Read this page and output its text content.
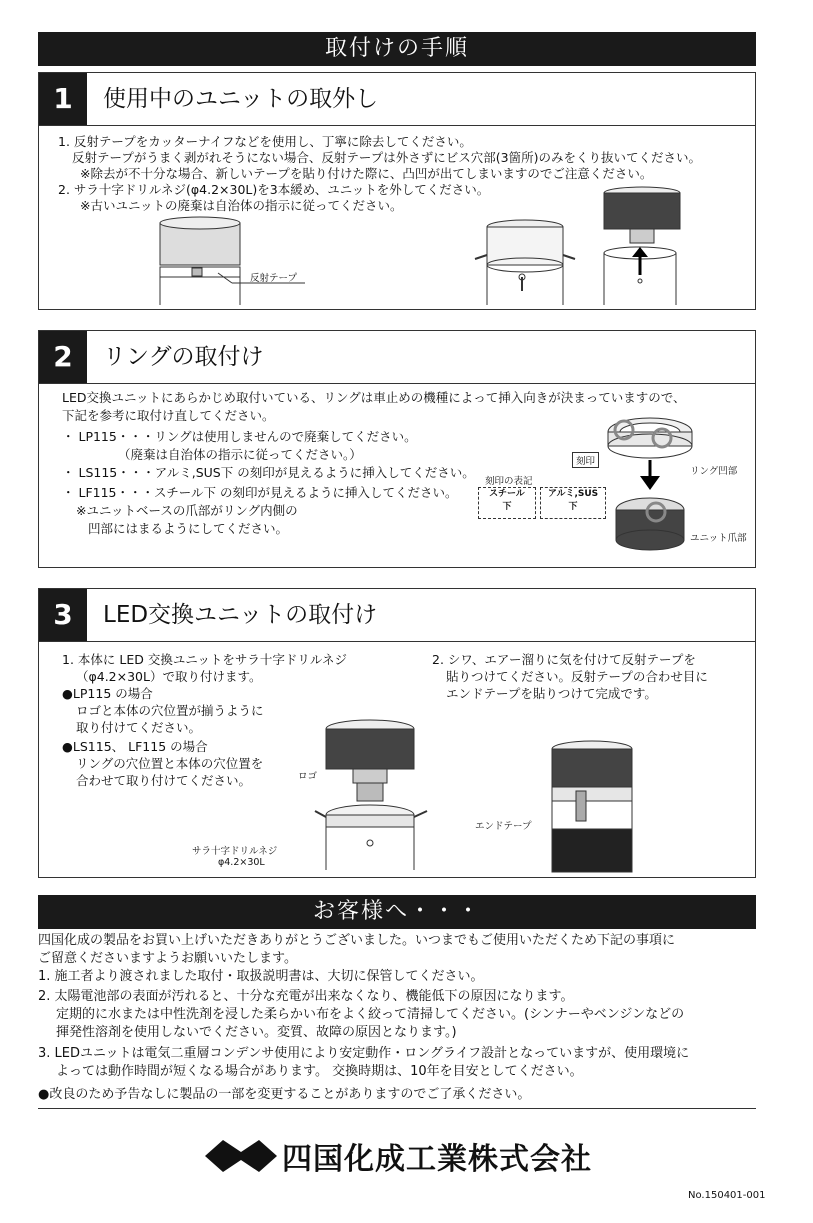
取付けの手順
1	使用中のユニットの取外し
1. 反射テープをカッターナイフなどを使用し、丁寧に除去してください。
反射テープがうまく剥がれそうにない場合、反射テープは外さずにビス穴部(3箇所)のみをくり抜いてください。
※除去が不十分な場合、新しいテープを貼り付けた際に、凸凹が出てしまいますのでご注意ください。
2. サラ十字ドリルネジ(φ4.2×30L)を3本緩め、ユニットを外してください。
※古いユニットの廃棄は自治体の指示に従ってください。
反射テープ
2	リングの取付け
LED交換ユニットにあらかじめ取付いている、リングは車止めの機種によって挿入向きが決まっていますので、
下記を参考に取付け直してください。
・ LP115・・・リングは使用しませんので廃棄してください。
（廃棄は自治体の指示に従ってください。）
・ LS115・・・アルミ,SUS下 の刻印が見えるように挿入してください。
・ LF115・・・スチール下 の刻印が見えるように挿入してください。
※ユニットベースの爪部がリング内側の
凹部にはまるようにしてください。
刻印の表記
スチール
下
アルミ,SUS
下
刻印
リング凹部
ユニット爪部
3	LED交換ユニットの取付け
1. 本体に LED 交換ユニットをサラ十字ドリルネジ
（φ4.2×30L）で取り付けます。
●LP115 の場合
ロゴと本体の穴位置が揃うように
取り付けてください。
●LS115、 LF115 の場合
リングの穴位置と本体の穴位置を
合わせて取り付けてください。
2. シワ、エアー溜りに気を付けて反射テープを
貼りつけてください。反射テープの合わせ目に
エンドテープを貼りつけて完成です。
ロゴ
サラ十字ドリルネジ
φ4.2×30L
エンドテープ
お客様へ・・・
四国化成の製品をお買い上げいただきありがとうございました。いつまでもご使用いただくため下記の事項に
ご留意くださいますようお願いいたします。
1. 施工者より渡されました取付・取扱説明書は、大切に保管してください。
2. 太陽電池部の表面が汚れると、十分な充電が出来なくなり、機能低下の原因になります。
定期的に水または中性洗剤を浸した柔らかい布をよく絞って清掃してください。(シンナーやベンジンなどの
揮発性溶剤を使用しないでください。変質、故障の原因となります。)
3. LEDユニットは電気二重層コンデンサ使用により安定動作・ロングライフ設計となっていますが、使用環境に
よっては動作時間が短くなる場合があります。 交換時期は、10年を目安としてください。
●改良のため予告なしに製品の一部を変更することがありますのでご了承ください。
四国化成工業株式会社
No.150401-001
